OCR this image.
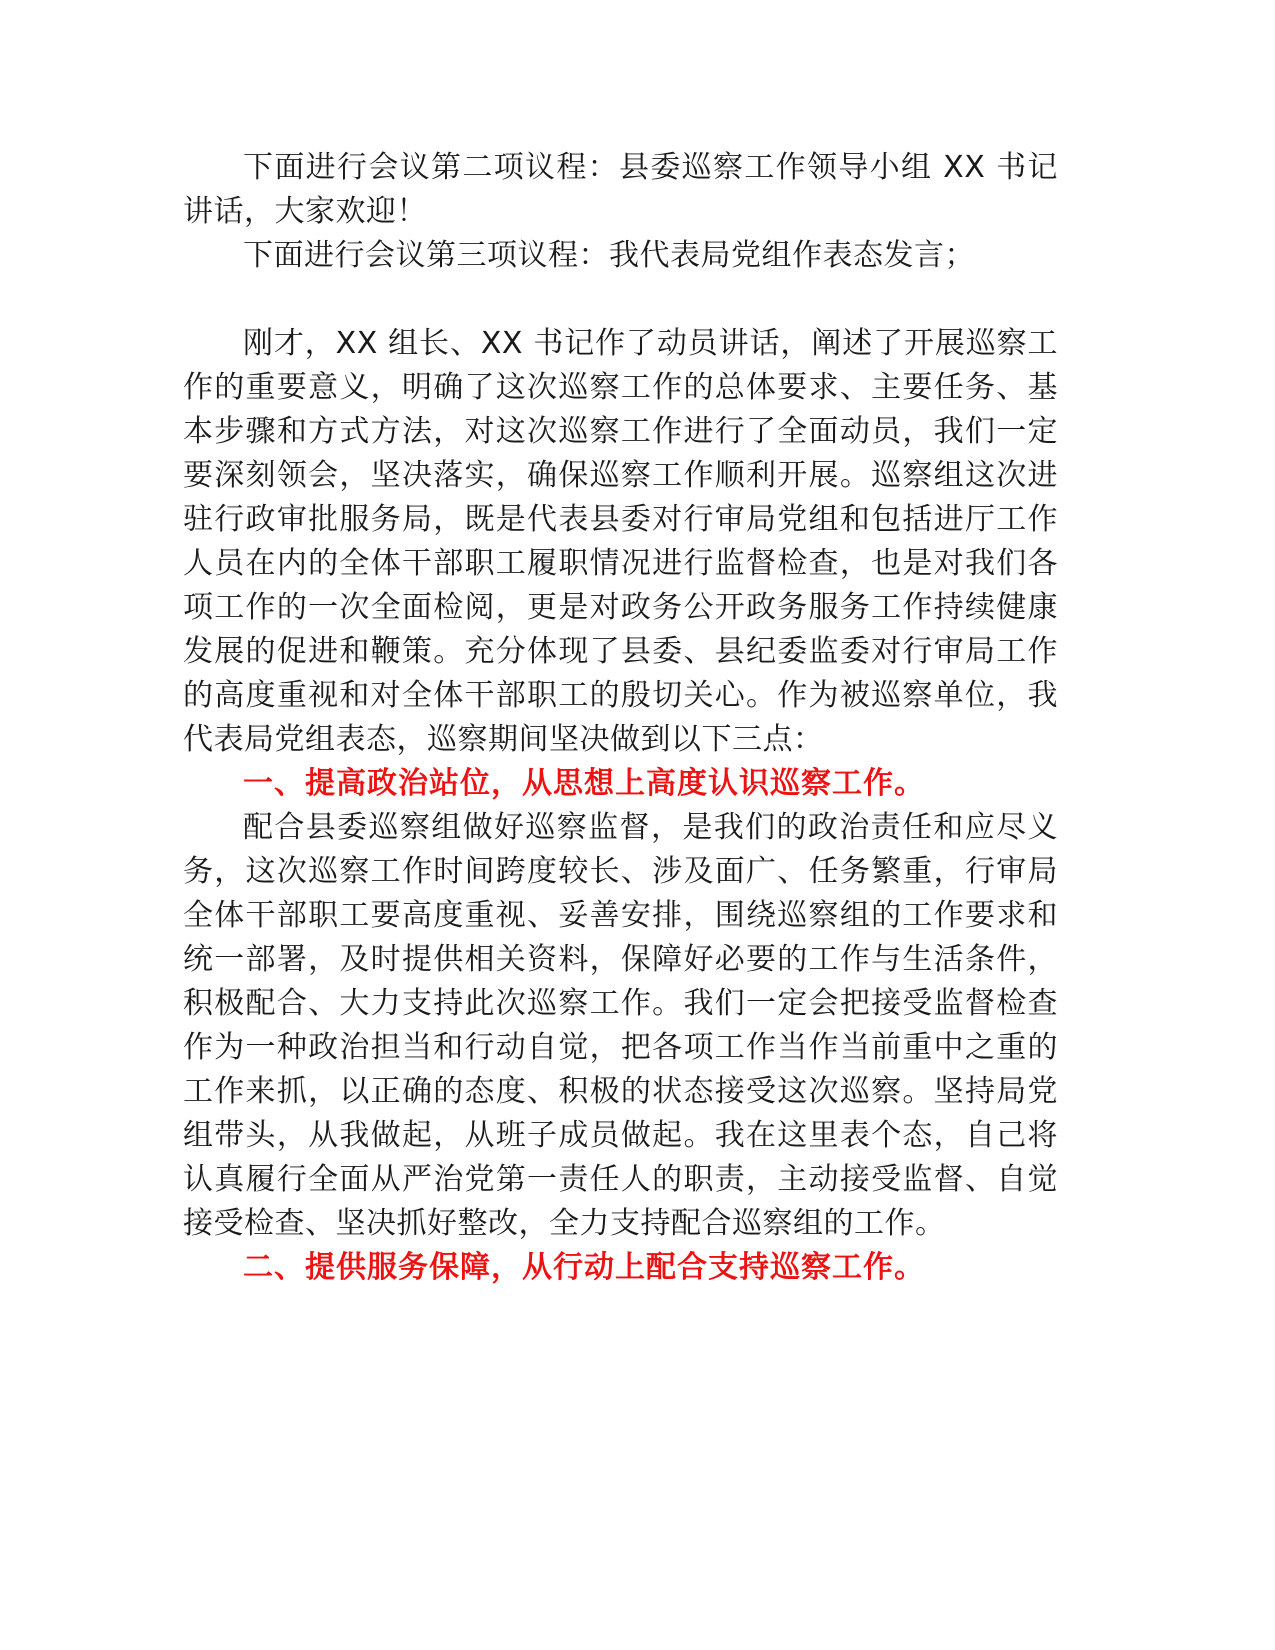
下面进行会议第二项议程：县委巡察工作领导小组 XX 书记讲话，大家欢迎！

下面进行会议第三项议程：我代表局党组作表态发言；

刚才，XX 组长、XX 书记作了动员讲话，阐述了开展巡察工作的重要意义，明确了这次巡察工作的总体要求、主要任务、基本步骤和方式方法，对这次巡察工作进行了全面动员，我们一定要深刻领会，坚决落实，确保巡察工作顺利开展。巡察组这次进驻行政审批服务局，既是代表县委对行审局党组和包括进厅工作人员在内的全体干部职工履职情况进行监督检查，也是对我们各项工作的一次全面检阅，更是对政务公开政务服务工作持续健康发展的促进和鞭策。充分体现了县委、县纪委监委对行审局工作的高度重视和对全体干部职工的殷切关心。作为被巡察单位，我代表局党组表态，巡察期间坚决做到以下三点：

一、提高政治站位，从思想上高度认识巡察工作。

配合县委巡察组做好巡察监督，是我们的政治责任和应尽义务，这次巡察工作时间跨度较长、涉及面广、任务繁重，行审局全体干部职工要高度重视、妥善安排，围绕巡察组的工作要求和统一部署，及时提供相关资料，保障好必要的工作与生活条件，积极配合、大力支持此次巡察工作。我们一定会把接受监督检查作为一种政治担当和行动自觉，把各项工作当作当前重中之重的工作来抓，以正确的态度、积极的状态接受这次巡察。坚持局党组带头，从我做起，从班子成员做起。我在这里表个态，自己将认真履行全面从严治党第一责任人的职责，主动接受监督、自觉接受检查、坚决抓好整改，全力支持配合巡察组的工作。

二、提供服务保障，从行动上配合支持巡察工作。
